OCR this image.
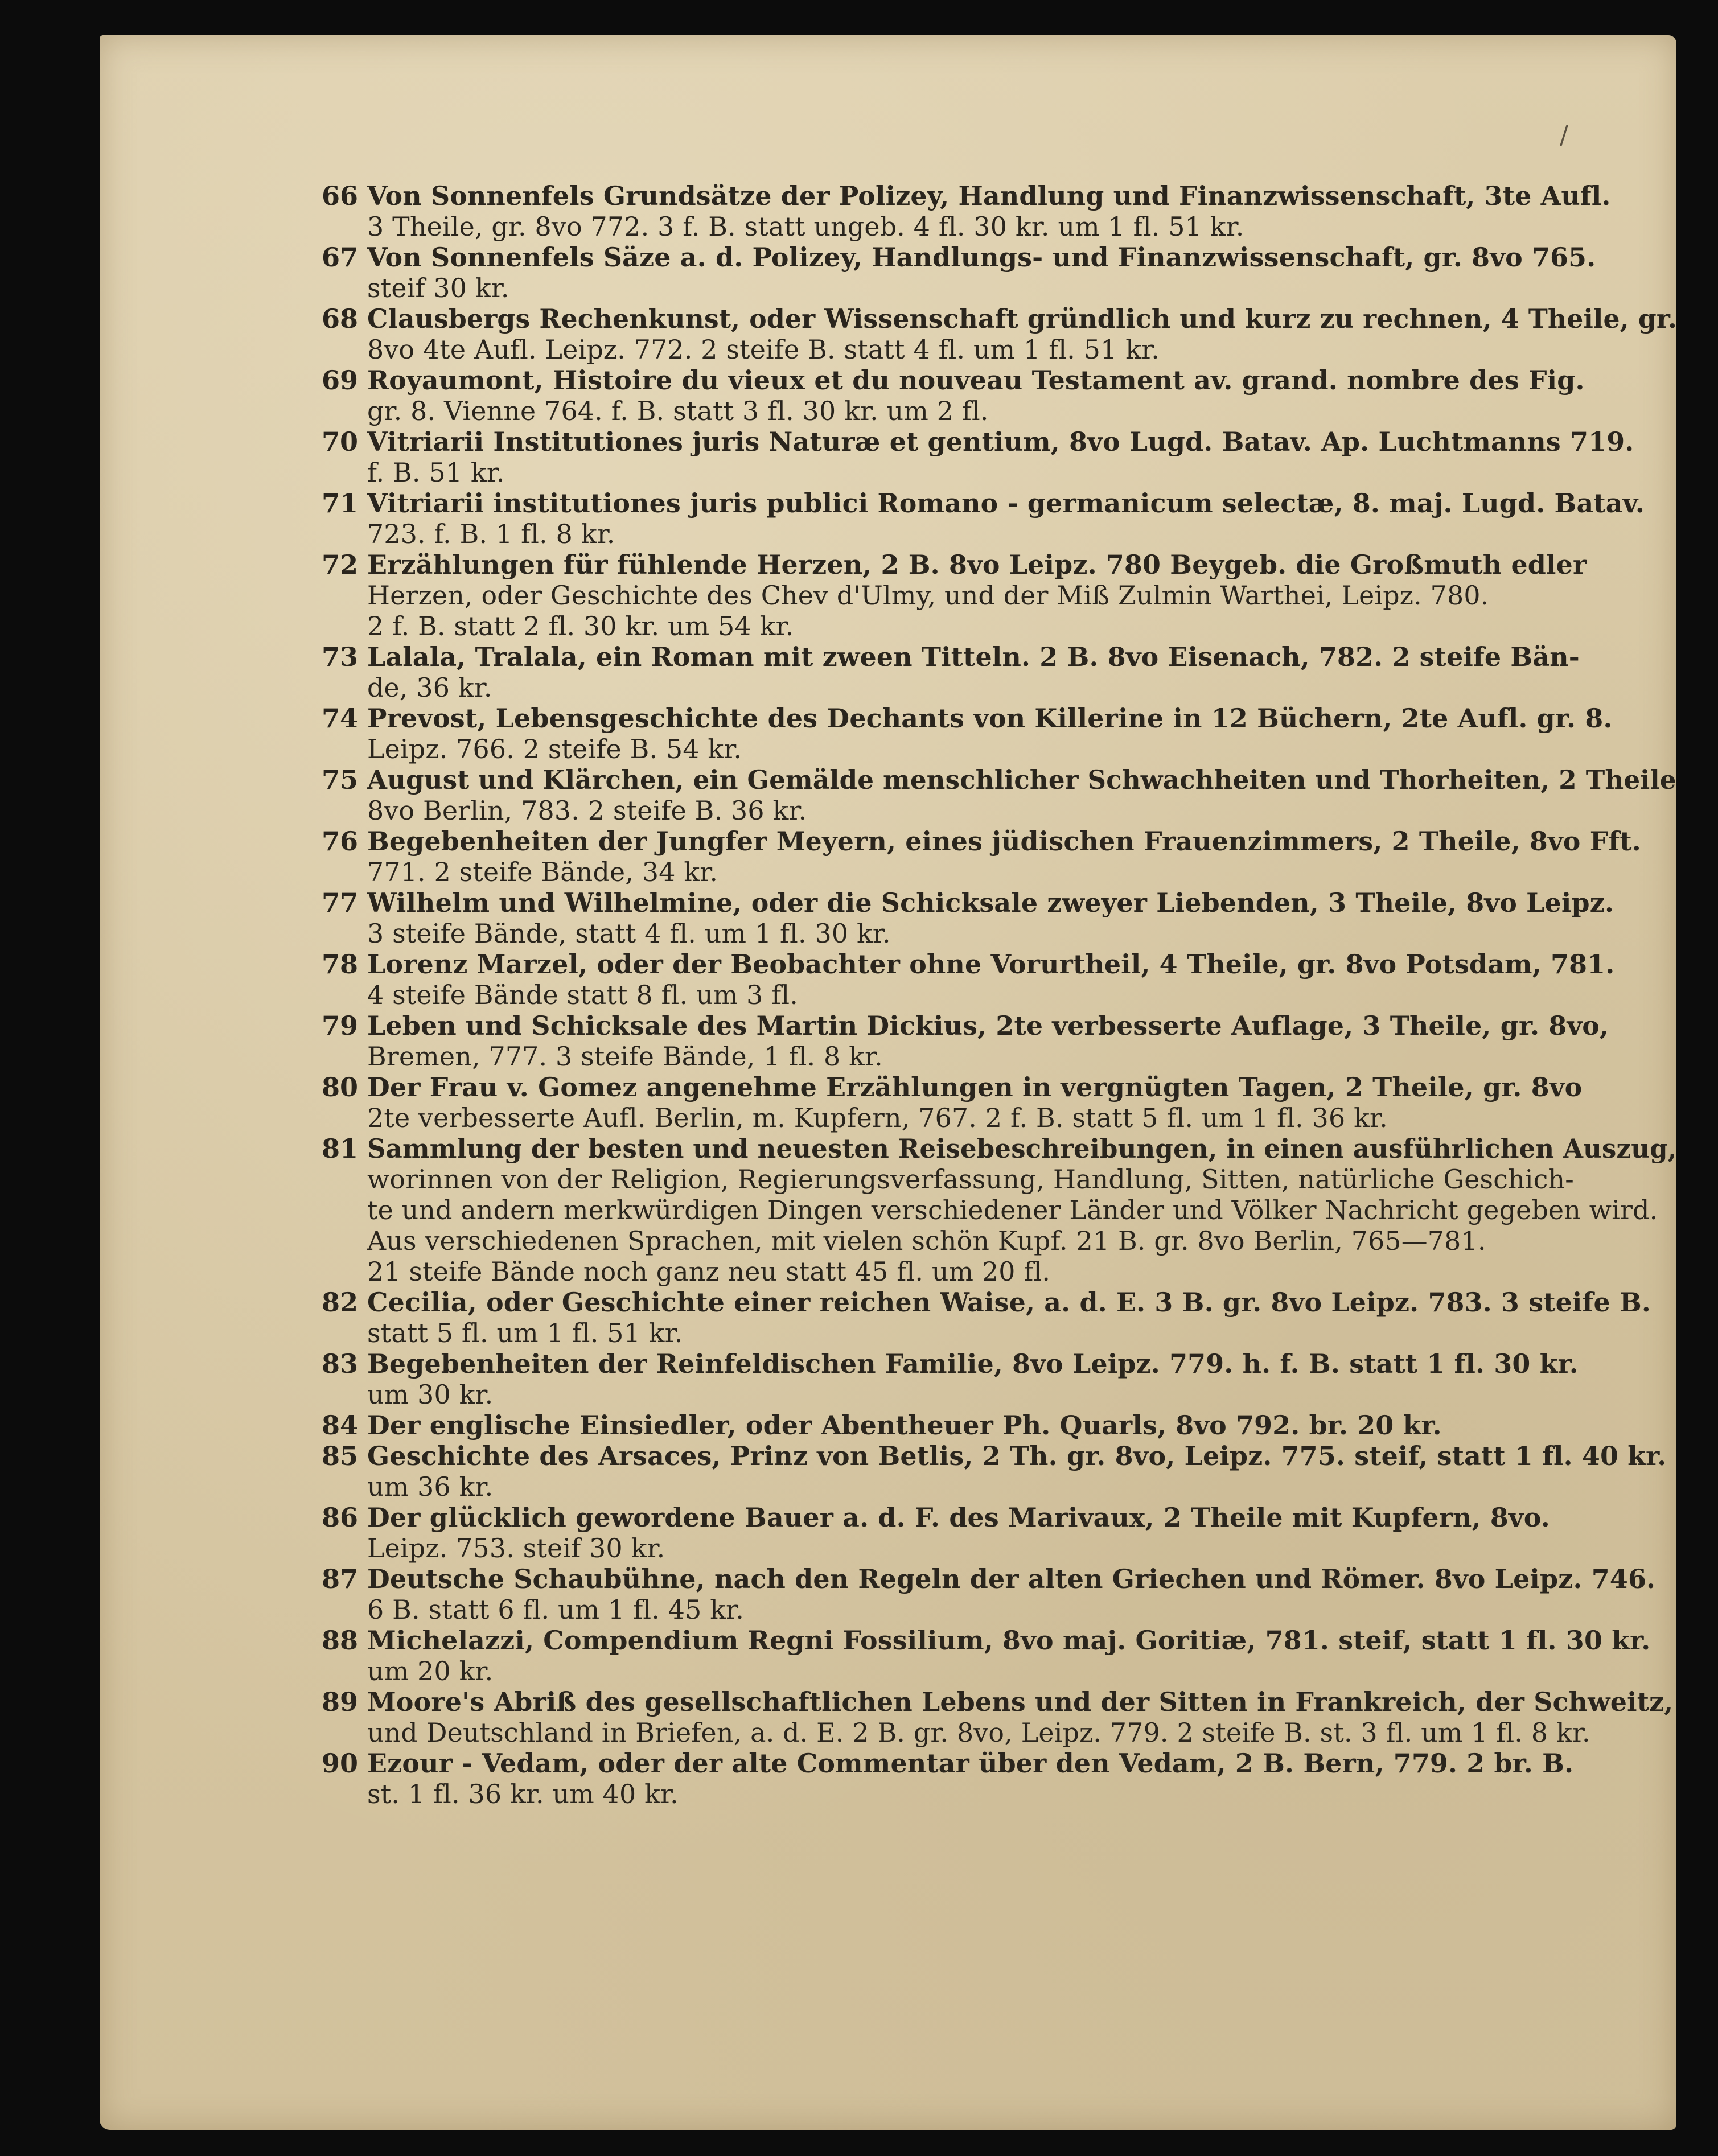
/
66 Von Sonnenfels Grundsätze der Polizey, Handlung und Finanzwissenschaft, 3te Aufl.
3 Theile, gr. 8vo 772. 3 f. B. statt ungeb. 4 fl. 30 kr. um 1 fl. 51 kr.
67 Von Sonnenfels Säze a. d. Polizey, Handlungs- und Finanzwissenschaft, gr. 8vo 765.
steif 30 kr.
68 Clausbergs Rechenkunst, oder Wissenschaft gründlich und kurz zu rechnen, 4 Theile, gr.
8vo 4te Aufl. Leipz. 772. 2 steife B. statt 4 fl. um 1 fl. 51 kr.
69 Royaumont, Histoire du vieux et du nouveau Testament av. grand. nombre des Fig.
gr. 8. Vienne 764. f. B. statt 3 fl. 30 kr. um 2 fl.
70 Vitriarii Institutiones juris Naturæ et gentium, 8vo Lugd. Batav. Ap. Luchtmanns 719.
f. B. 51 kr.
71 Vitriarii institutiones juris publici Romano - germanicum selectæ, 8. maj. Lugd. Batav.
723. f. B. 1 fl. 8 kr.
72 Erzählungen für fühlende Herzen, 2 B. 8vo Leipz. 780 Beygeb. die Großmuth edler
Herzen, oder Geschichte des Chev d'Ulmy, und der Miß Zulmin Warthei, Leipz. 780.
2 f. B. statt 2 fl. 30 kr. um 54 kr.
73 Lalala, Tralala, ein Roman mit zween Titteln. 2 B. 8vo Eisenach, 782. 2 steife Bän-
de, 36 kr.
74 Prevost, Lebensgeschichte des Dechants von Killerine in 12 Büchern, 2te Aufl. gr. 8.
Leipz. 766. 2 steife B. 54 kr.
75 August und Klärchen, ein Gemälde menschlicher Schwachheiten und Thorheiten, 2 Theile
8vo Berlin, 783. 2 steife B. 36 kr.
76 Begebenheiten der Jungfer Meyern, eines jüdischen Frauenzimmers, 2 Theile, 8vo Fft.
771. 2 steife Bände, 34 kr.
77 Wilhelm und Wilhelmine, oder die Schicksale zweyer Liebenden, 3 Theile, 8vo Leipz.
3 steife Bände, statt 4 fl. um 1 fl. 30 kr.
78 Lorenz Marzel, oder der Beobachter ohne Vorurtheil, 4 Theile, gr. 8vo Potsdam, 781.
4 steife Bände statt 8 fl. um 3 fl.
79 Leben und Schicksale des Martin Dickius, 2te verbesserte Auflage, 3 Theile, gr. 8vo,
Bremen, 777. 3 steife Bände, 1 fl. 8 kr.
80 Der Frau v. Gomez angenehme Erzählungen in vergnügten Tagen, 2 Theile, gr. 8vo
2te verbesserte Aufl. Berlin, m. Kupfern, 767. 2 f. B. statt 5 fl. um 1 fl. 36 kr.
81 Sammlung der besten und neuesten Reisebeschreibungen, in einen ausführlichen Auszug,
worinnen von der Religion, Regierungsverfassung, Handlung, Sitten, natürliche Geschich-
te und andern merkwürdigen Dingen verschiedener Länder und Völker Nachricht gegeben wird.
Aus verschiedenen Sprachen, mit vielen schön Kupf. 21 B. gr. 8vo Berlin, 765—781.
21 steife Bände noch ganz neu statt 45 fl. um 20 fl.
82 Cecilia, oder Geschichte einer reichen Waise, a. d. E. 3 B. gr. 8vo Leipz. 783. 3 steife B.
statt 5 fl. um 1 fl. 51 kr.
83 Begebenheiten der Reinfeldischen Familie, 8vo Leipz. 779. h. f. B. statt 1 fl. 30 kr.
um 30 kr.
84 Der englische Einsiedler, oder Abentheuer Ph. Quarls, 8vo 792. br. 20 kr.
85 Geschichte des Arsaces, Prinz von Betlis, 2 Th. gr. 8vo, Leipz. 775. steif, statt 1 fl. 40 kr.
um 36 kr.
86 Der glücklich gewordene Bauer a. d. F. des Marivaux, 2 Theile mit Kupfern, 8vo.
Leipz. 753. steif 30 kr.
87 Deutsche Schaubühne, nach den Regeln der alten Griechen und Römer. 8vo Leipz. 746.
6 B. statt 6 fl. um 1 fl. 45 kr.
88 Michelazzi, Compendium Regni Fossilium, 8vo maj. Goritiæ, 781. steif, statt 1 fl. 30 kr.
um 20 kr.
89 Moore's Abriß des gesellschaftlichen Lebens und der Sitten in Frankreich, der Schweitz,
und Deutschland in Briefen, a. d. E. 2 B. gr. 8vo, Leipz. 779. 2 steife B. st. 3 fl. um 1 fl. 8 kr.
90 Ezour - Vedam, oder der alte Commentar über den Vedam, 2 B. Bern, 779. 2 br. B.
st. 1 fl. 36 kr. um 40 kr.
